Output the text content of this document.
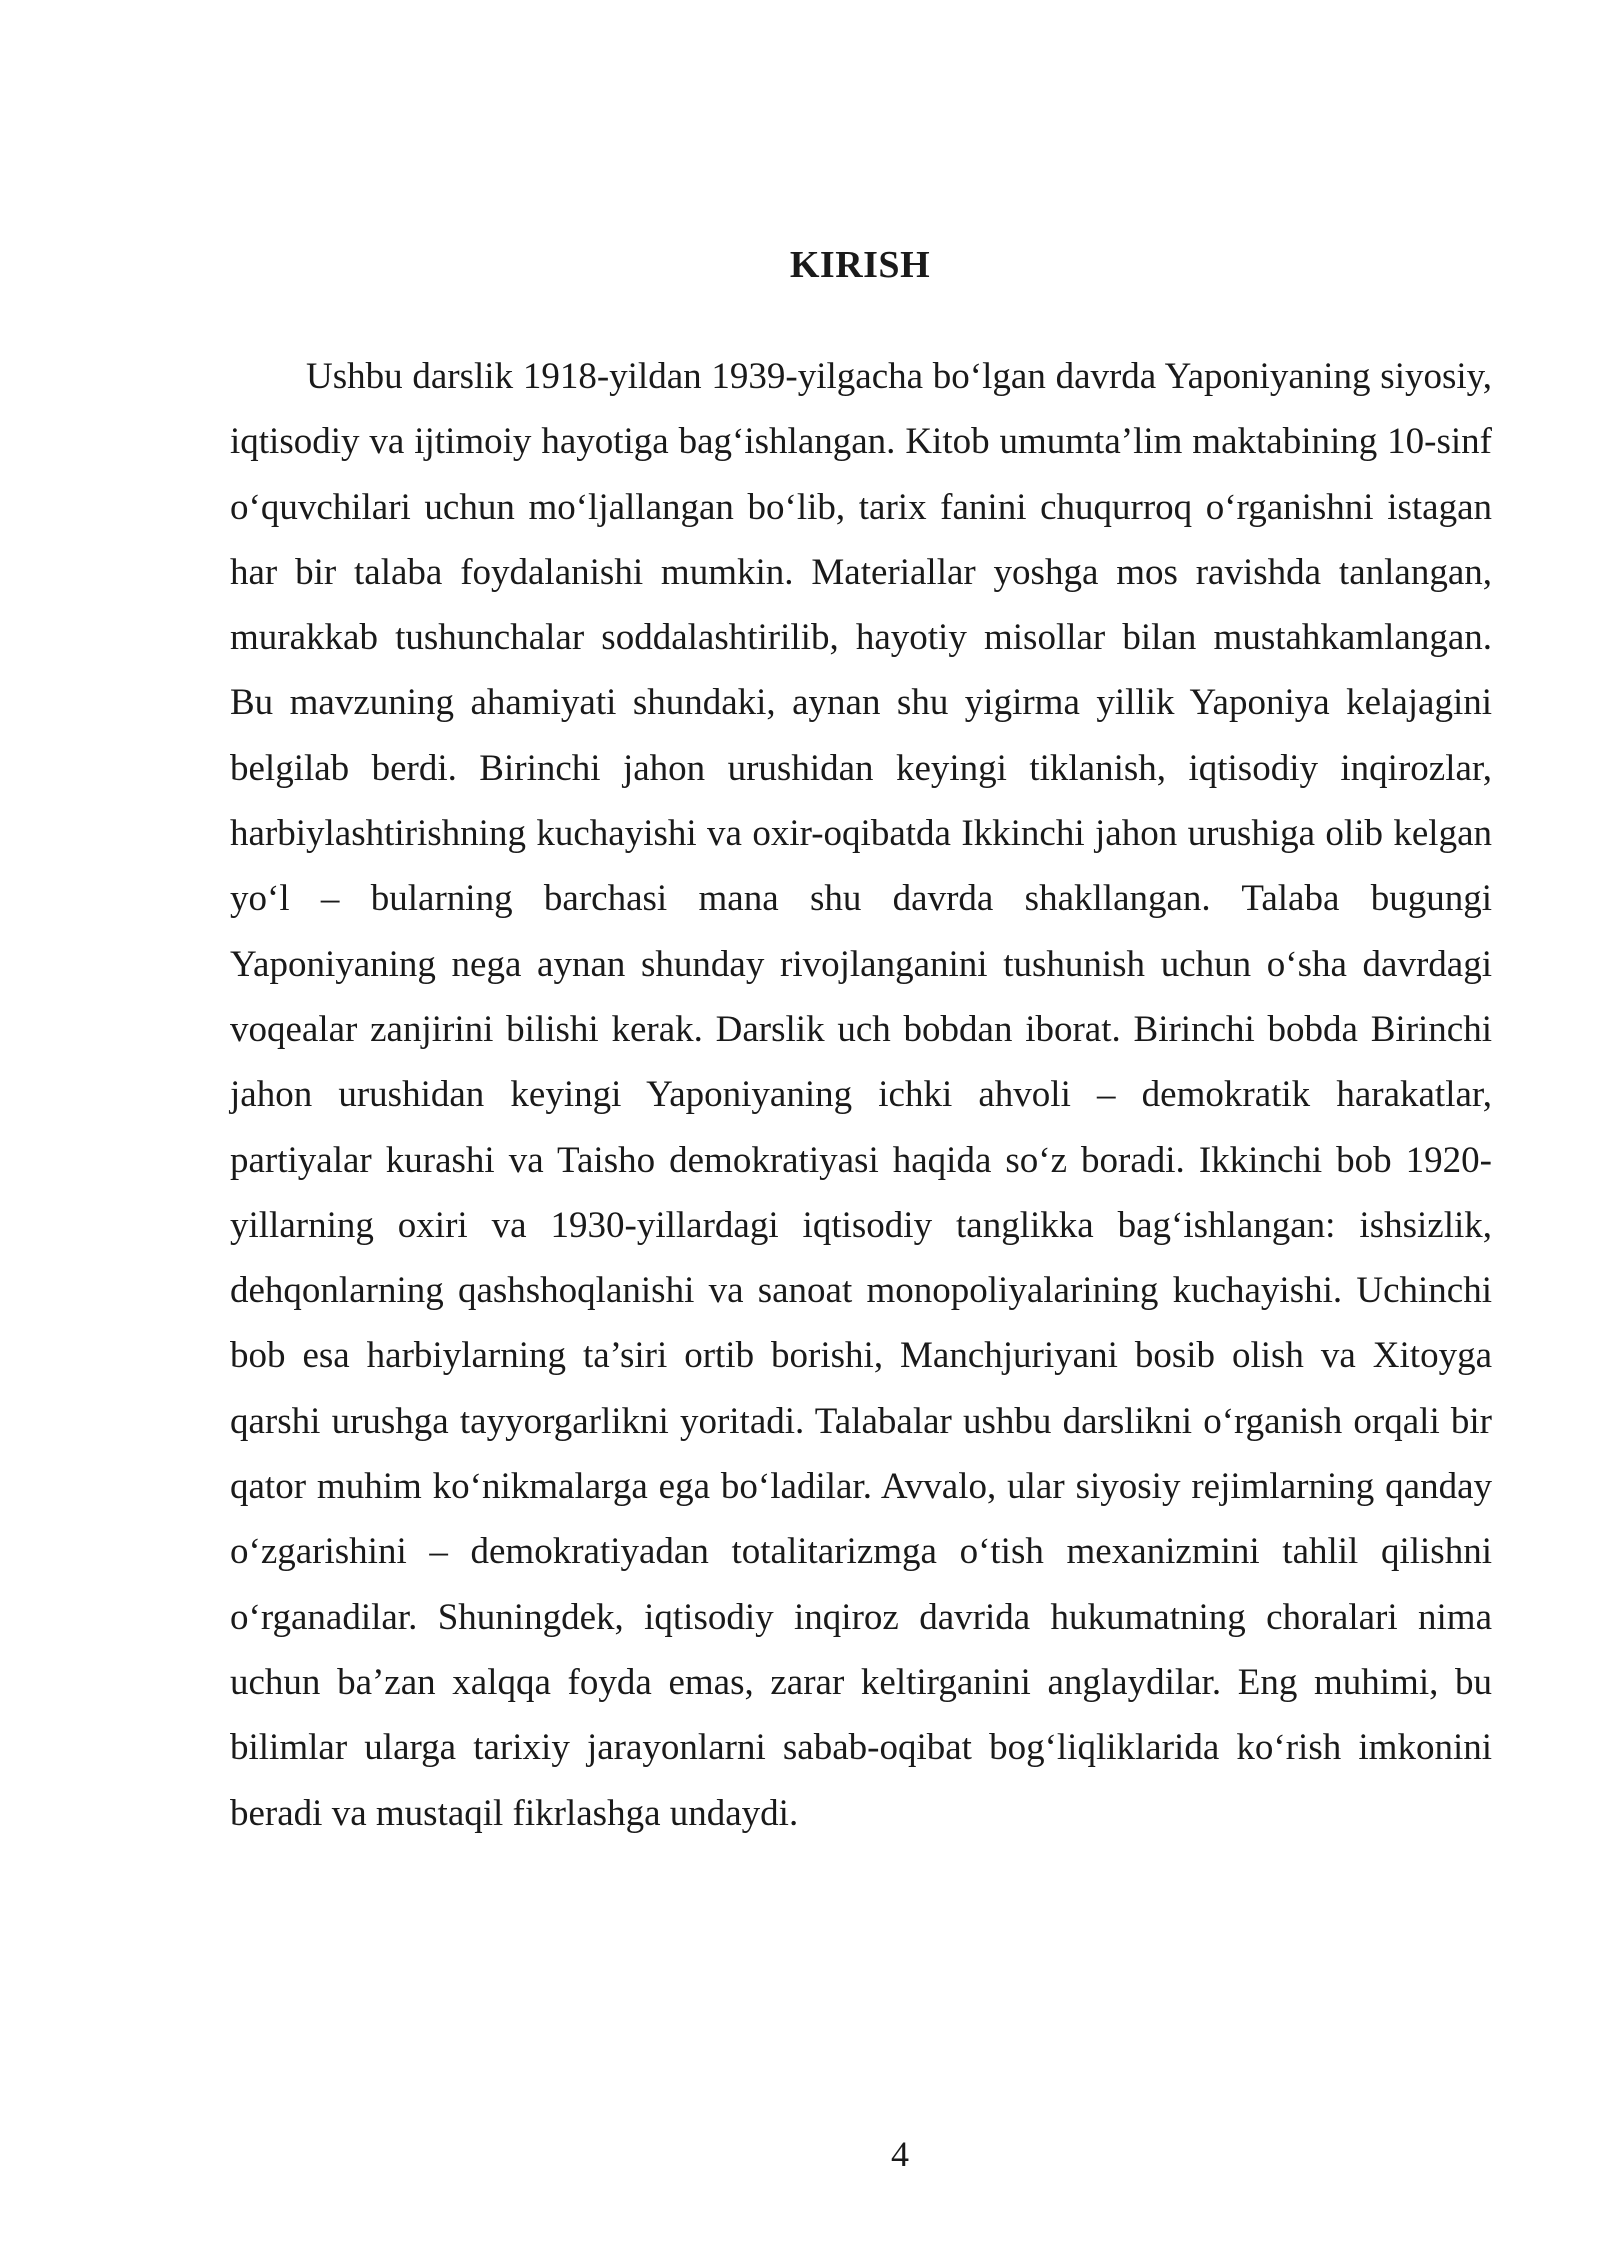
KIRISH

Ushbu darslik 1918-yildan 1939-yilgacha bo‘lgan davrda Yaponiyaning siyosiy, iqtisodiy va ijtimoiy hayotiga bag‘ishlangan. Kitob umumta’lim maktabining 10-sinf o‘quvchilari uchun mo‘ljallangan bo‘lib, tarix fanini chuqurroq o‘rganishni istagan har bir talaba foydalanishi mumkin. Materiallar yoshga mos ravishda tanlangan, murakkab tushunchalar soddalashtirilib, hayotiy misollar bilan mustahkamlangan. Bu mavzuning ahamiyati shundaki, aynan shu yigirma yillik Yaponiya kelajagini belgilab berdi. Birinchi jahon urushidan keyingi tiklanish, iqtisodiy inqirozlar, harbiylashtirishning kuchayishi va oxir-oqibatda Ikkinchi jahon urushiga olib kelgan yo‘l – bularning barchasi mana shu davrda shakllangan. Talaba bugungi Yaponiyaning nega aynan shunday rivojlanganini tushunish uchun o‘sha davrdagi voqealar zanjirini bilishi kerak. Darslik uch bobdan iborat. Birinchi bobda Birinchi jahon urushidan keyingi Yaponiyaning ichki ahvoli – demokratik harakatlar, partiyalar kurashi va Taisho demokratiyasi haqida so‘z boradi. Ikkinchi bob 1920-yillarning oxiri va 1930-yillardagi iqtisodiy tanglikka bag‘ishlangan: ishsizlik, dehqonlarning qashshoqlanishi va sanoat monopoliyalarining kuchayishi. Uchinchi bob esa harbiylarning ta’siri ortib borishi, Manchjuriyani bosib olish va Xitoyga qarshi urushga tayyorgarlikni yoritadi. Talabalar ushbu darslikni o‘rganish orqali bir qator muhim ko‘nikmalarga ega bo‘ladilar. Avvalo, ular siyosiy rejimlarning qanday o‘zgarishini – demokratiyadan totalitarizmga o‘tish mexanizmini tahlil qilishni o‘rganadilar. Shuningdek, iqtisodiy inqiroz davrida hukumatning choralari nima uchun ba’zan xalqqa foyda emas, zarar keltirganini anglaydilar. Eng muhimi, bu bilimlar ularga tarixiy jarayonlarni sabab-oqibat bog‘liqliklarida ko‘rish imkonini beradi va mustaqil fikrlashga undaydi.

4
